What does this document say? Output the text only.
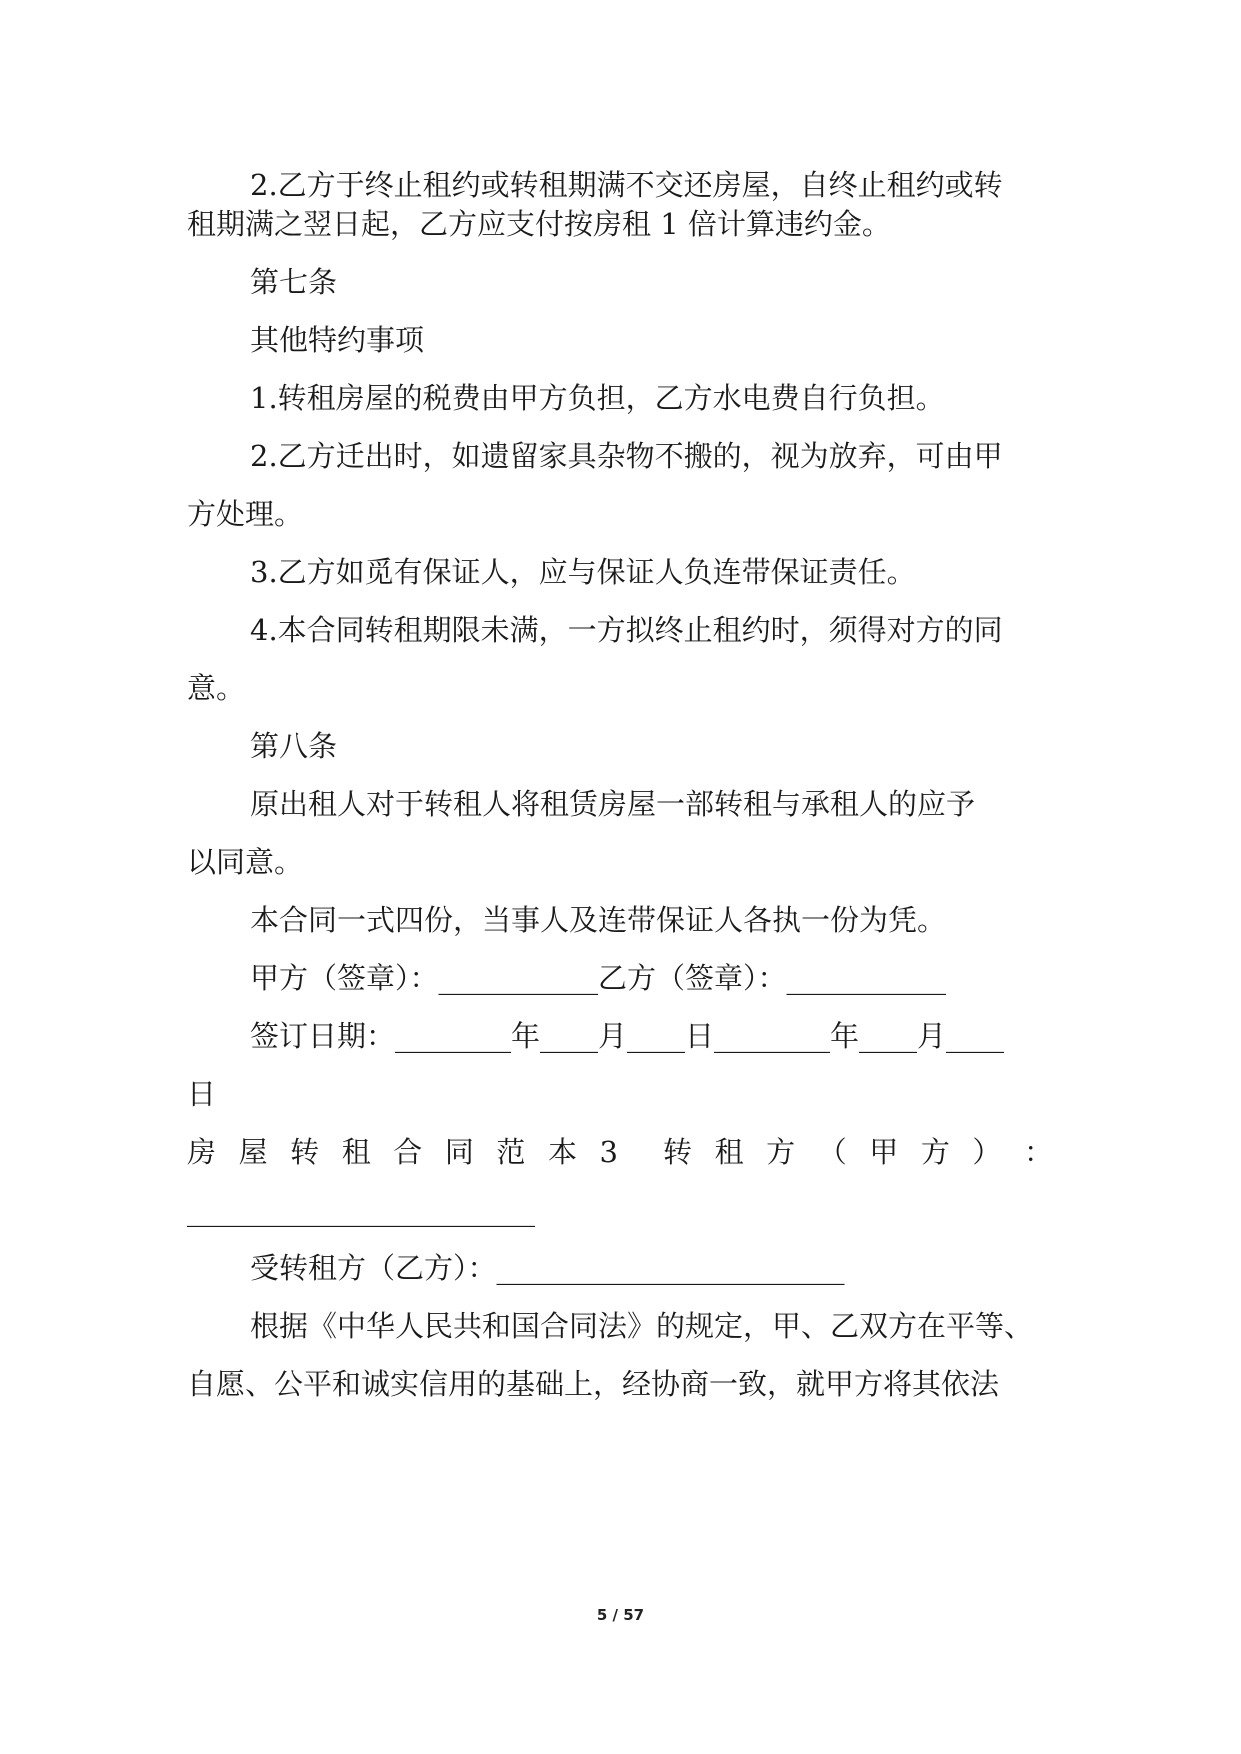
2.乙方于终止租约或转租期满不交还房屋，自终止租约或转
租期满之翌日起，乙方应支付按房租 1 倍计算违约金。
第七条
其他特约事项
1.转租房屋的税费由甲方负担，乙方水电费自行负担。
2.乙方迁出时，如遗留家具杂物不搬的，视为放弃，可由甲
方处理。
3.乙方如觅有保证人，应与保证人负连带保证责任。
4.本合同转租期限未满，一方拟终止租约时，须得对方的同
意。
第八条
原出租人对于转租人将租赁房屋一部转租与承租人的应予
以同意。
本合同一式四份，当事人及连带保证人各执一份为凭。
甲方（签章）：___________乙方（签章）：___________
签订日期：________年____月____日________年____月____
日
房 屋 转 租 合 同 范 本 3 转 租 方 （ 甲 方 ） ：
________________________
受转租方（乙方）：________________________
根据《中华人民共和国合同法》的规定，甲、乙双方在平等、
自愿、公平和诚实信用的基础上，经协商一致，就甲方将其依法
5 / 57
